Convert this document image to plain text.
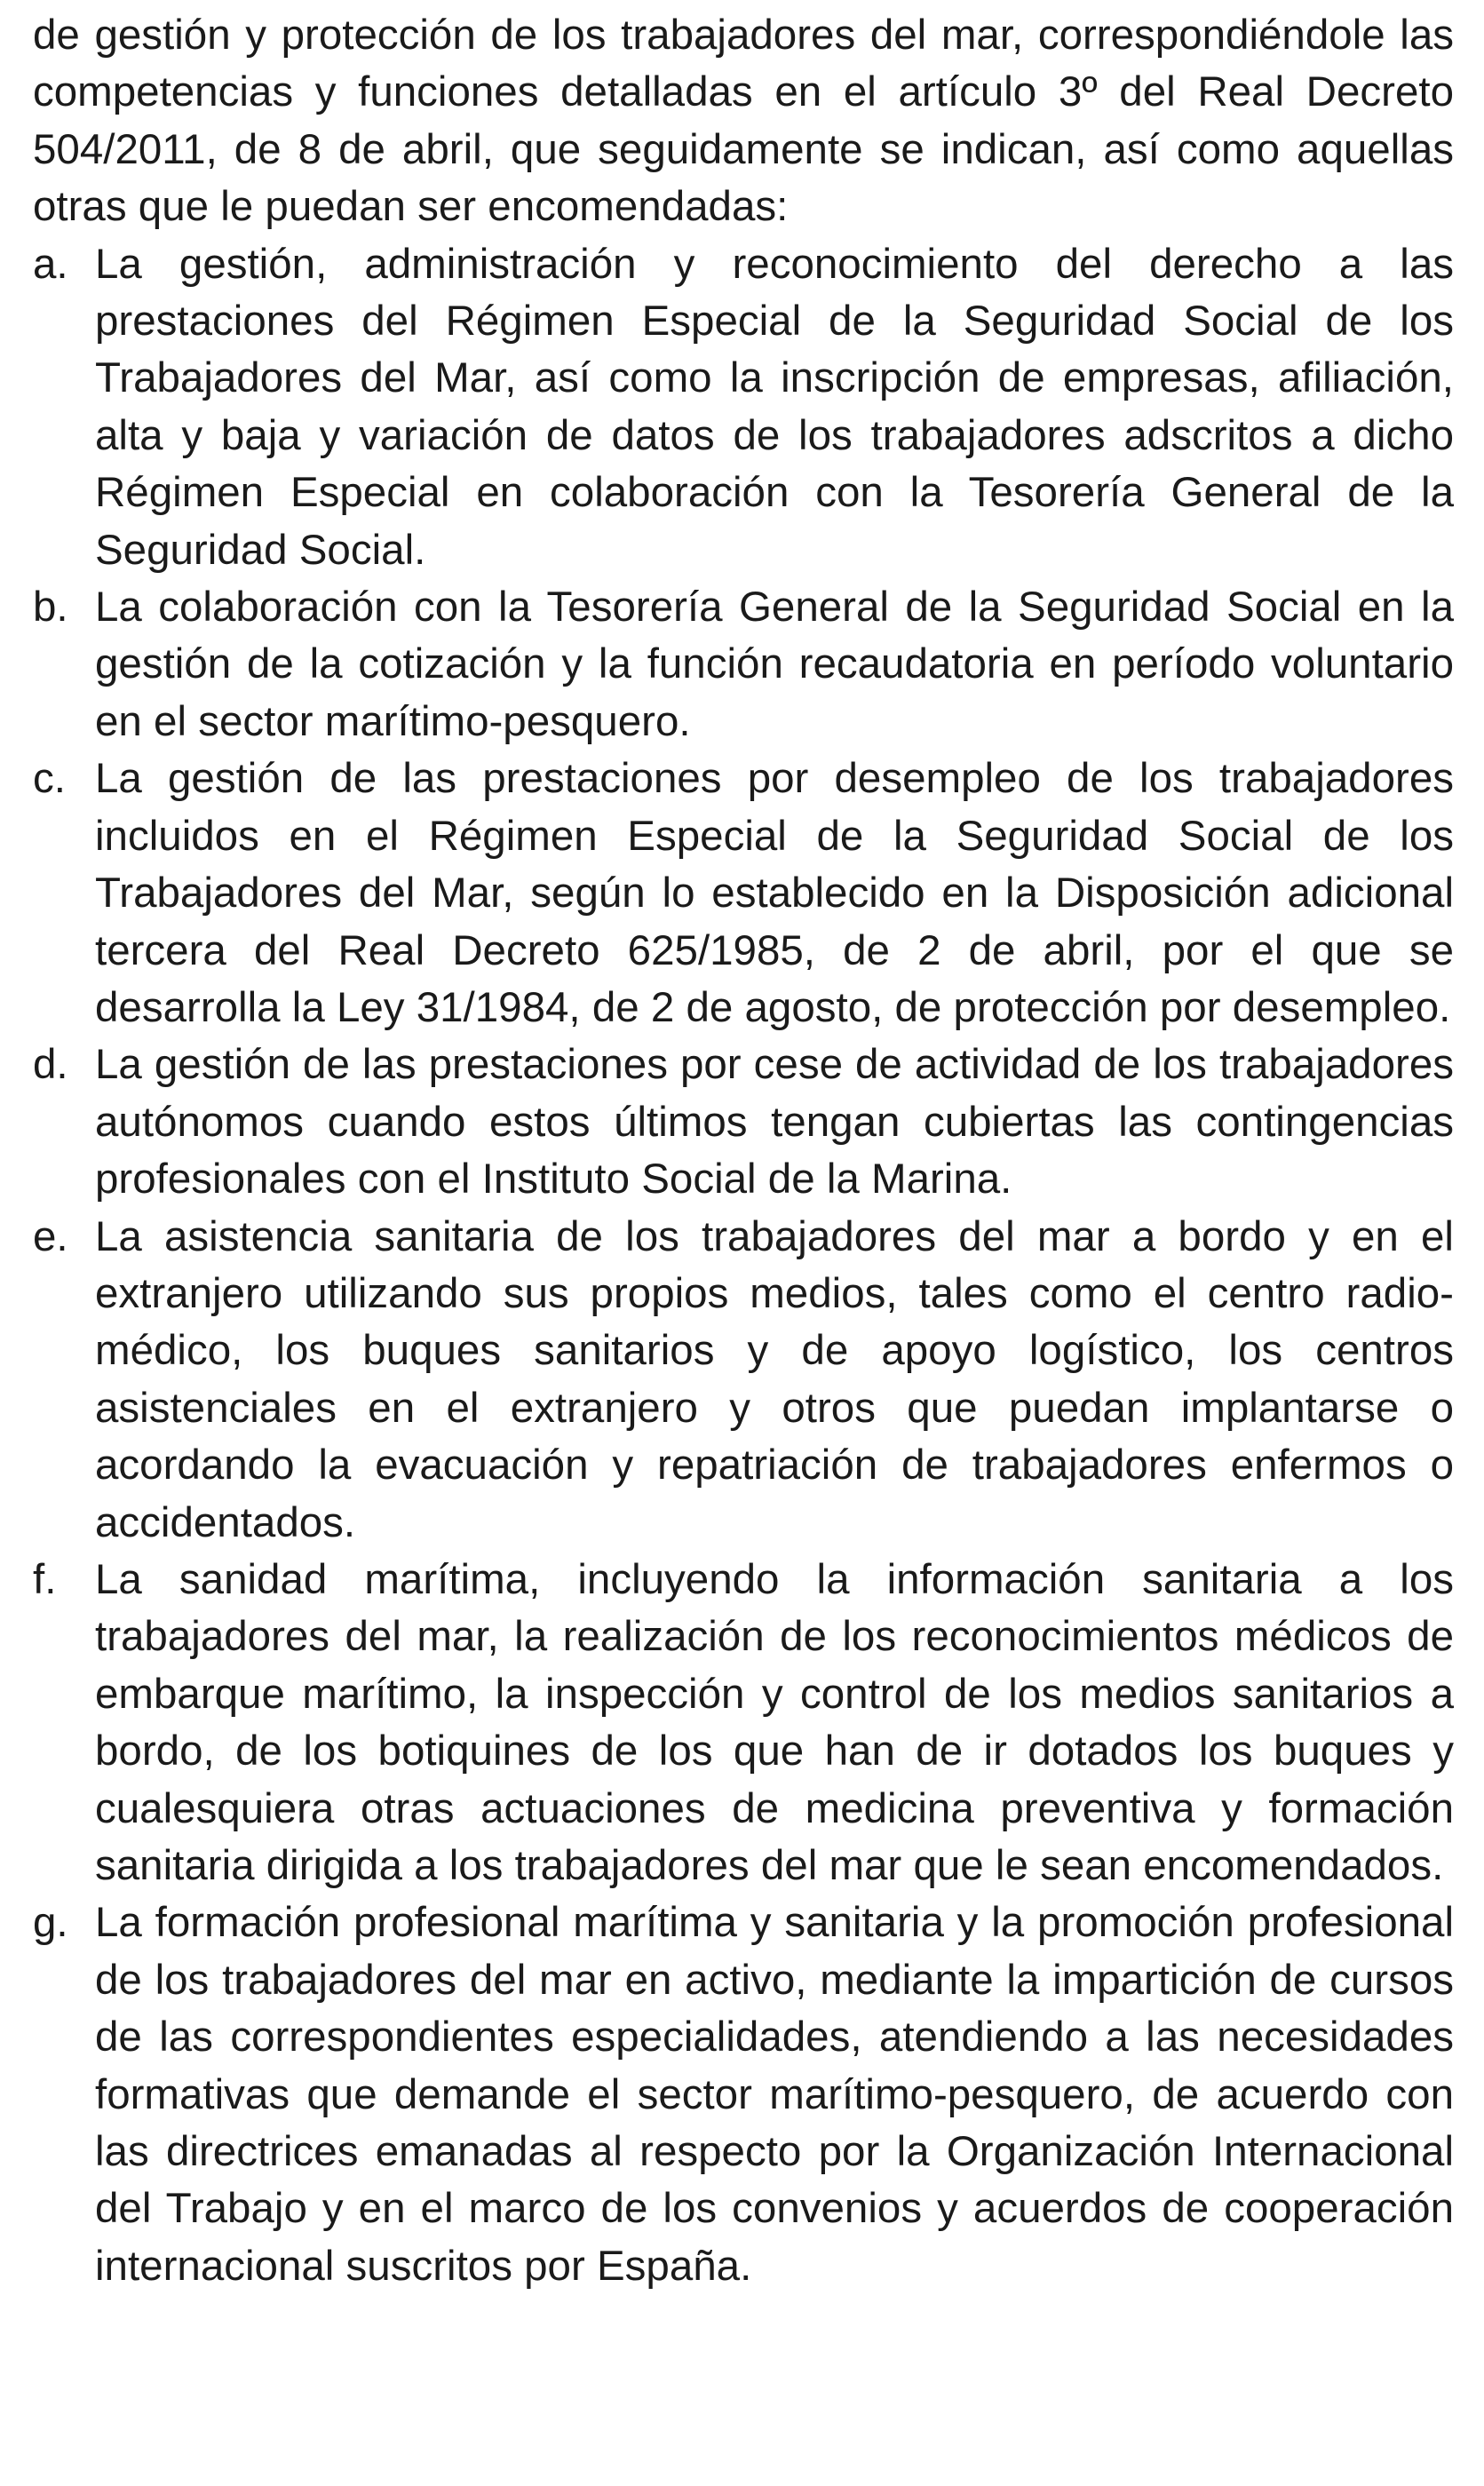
de gestión y protección de los trabajadores del mar, correspondiéndole las competencias y funciones detalladas en el artículo 3º del Real Decreto 504/2011, de 8 de abril, que seguidamente se indican, así como aquellas otras que le puedan ser encomendadas:

a. La gestión, administración y reconocimiento del derecho a las prestaciones del Régimen Especial de la Seguridad Social de los Trabajadores del Mar, así como la inscripción de empresas, afiliación, alta y baja y variación de datos de los trabajadores adscritos a dicho Régimen Especial en colaboración con la Tesorería General de la Seguridad Social.
b. La colaboración con la Tesorería General de la Seguridad Social en la gestión de la cotización y la función recaudatoria en período voluntario en el sector marítimo-pesquero.
c. La gestión de las prestaciones por desempleo de los trabajadores incluidos en el Régimen Especial de la Seguridad Social de los Trabajadores del Mar, según lo establecido en la Disposición adicional tercera del Real Decreto 625/1985, de 2 de abril, por el que se desarrolla la Ley 31/1984, de 2 de agosto, de protección por desempleo.
d. La gestión de las prestaciones por cese de actividad de los trabajadores autónomos cuando estos últimos tengan cubiertas las contingencias profesionales con el Instituto Social de la Marina.
e. La asistencia sanitaria de los trabajadores del mar a bordo y en el extranjero utilizando sus propios medios, tales como el centro radio-médico, los buques sanitarios y de apoyo logístico, los centros asistenciales en el extranjero y otros que puedan implantarse o acordando la evacuación y repatriación de trabajadores enfermos o accidentados.
f. La sanidad marítima, incluyendo la información sanitaria a los trabajadores del mar, la realización de los reconocimientos médicos de embarque marítimo, la inspección y control de los medios sanitarios a bordo, de los botiquines de los que han de ir dotados los buques y cualesquiera otras actuaciones de medicina preventiva y formación sanitaria dirigida a los trabajadores del mar que le sean encomendados.
g. La formación profesional marítima y sanitaria y la promoción profesional de los trabajadores del mar en activo, mediante la impartición de cursos de las correspondientes especialidades, atendiendo a las necesidades formativas que demande el sector marítimo-pesquero, de acuerdo con las directrices emanadas al respecto por la Organización Internacional del Trabajo y en el marco de los convenios y acuerdos de cooperación internacional suscritos por España.
